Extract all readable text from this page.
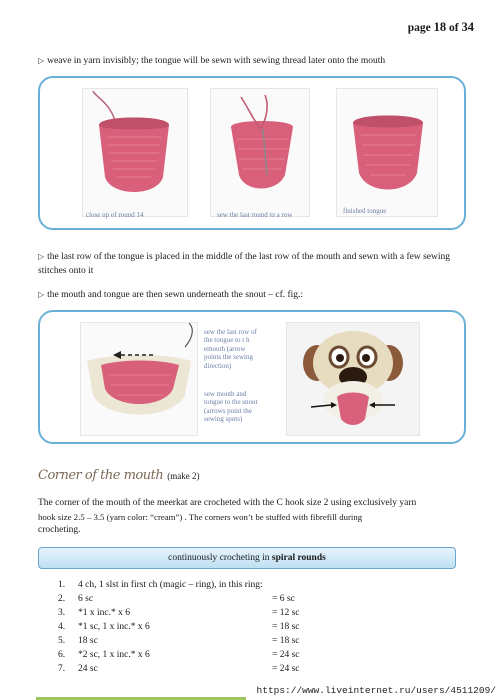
page 18 of 34
▷ weave in yarn invisibly; the tongue will be sewn with sewing thread later onto the mouth
close up of round 14	sew the last round to a row	finished tongue
▷ the last row of the tongue is placed in the middle of the last row of the mouth and sewn with a few sewing stitches onto it
▷ the mouth and tongue are then sewn underneath the snout – cf. fig.:
sew the last row of
the tongue to t h
emouth (arrow
points the sewing
direction)
sew mouth and
tongue to the snout
(arrows point the
sewing spots)
Corner of the mouth (make 2)
The corner of the mouth of the meerkat are crocheted with the C hook size 2 using exclusively yarn
hook size 2.5 – 3.5 (yarn color: “cream”) . The corners won’t be stuffed with fibrefill during
crocheting.
continuously crocheting in spiral rounds
1. 4 ch, 1 slst in first ch (magic – ring), in this ring:
2. 6 sc	= 6 sc
3. *1 x inc.* x 6	= 12 sc
4. *1 sc, 1 x inc.* x 6	= 18 sc
5. 18 sc	= 18 sc
6. *2 sc, 1 x inc.* x 6	= 24 sc
7. 24 sc	= 24 sc
https://www.liveinternet.ru/users/4511209/
